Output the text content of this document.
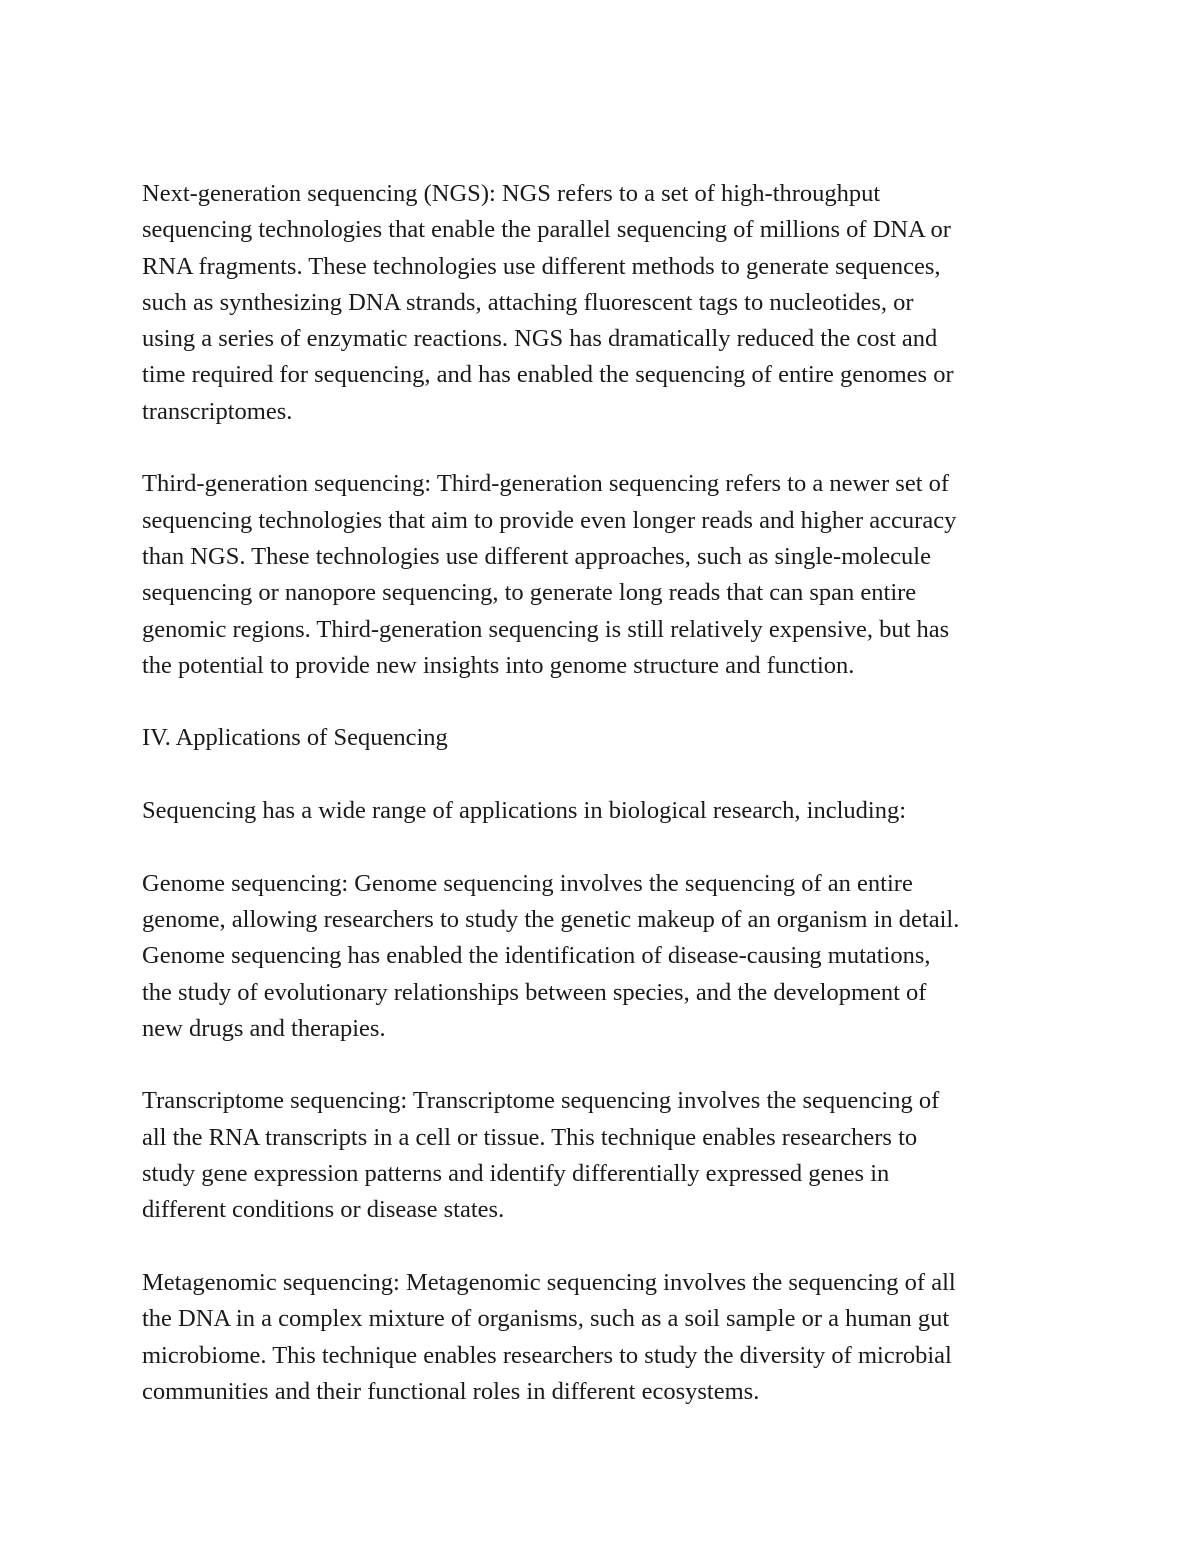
Next-generation sequencing (NGS): NGS refers to a set of high-throughput

sequencing technologies that enable the parallel sequencing of millions of DNA or

RNA fragments. These technologies use different methods to generate sequences,

such as synthesizing DNA strands, attaching fluorescent tags to nucleotides, or

using a series of enzymatic reactions. NGS has dramatically reduced the cost and

time required for sequencing, and has enabled the sequencing of entire genomes or

transcriptomes.

Third-generation sequencing: Third-generation sequencing refers to a newer set of

sequencing technologies that aim to provide even longer reads and higher accuracy

than NGS. These technologies use different approaches, such as single-molecule

sequencing or nanopore sequencing, to generate long reads that can span entire

genomic regions. Third-generation sequencing is still relatively expensive, but has

the potential to provide new insights into genome structure and function.

IV. Applications of Sequencing

Sequencing has a wide range of applications in biological research, including:

Genome sequencing: Genome sequencing involves the sequencing of an entire

genome, allowing researchers to study the genetic makeup of an organism in detail.

Genome sequencing has enabled the identification of disease-causing mutations,

the study of evolutionary relationships between species, and the development of

new drugs and therapies.

Transcriptome sequencing: Transcriptome sequencing involves the sequencing of

all the RNA transcripts in a cell or tissue. This technique enables researchers to

study gene expression patterns and identify differentially expressed genes in

different conditions or disease states.

Metagenomic sequencing: Metagenomic sequencing involves the sequencing of all

the DNA in a complex mixture of organisms, such as a soil sample or a human gut

microbiome. This technique enables researchers to study the diversity of microbial

communities and their functional roles in different ecosystems.
